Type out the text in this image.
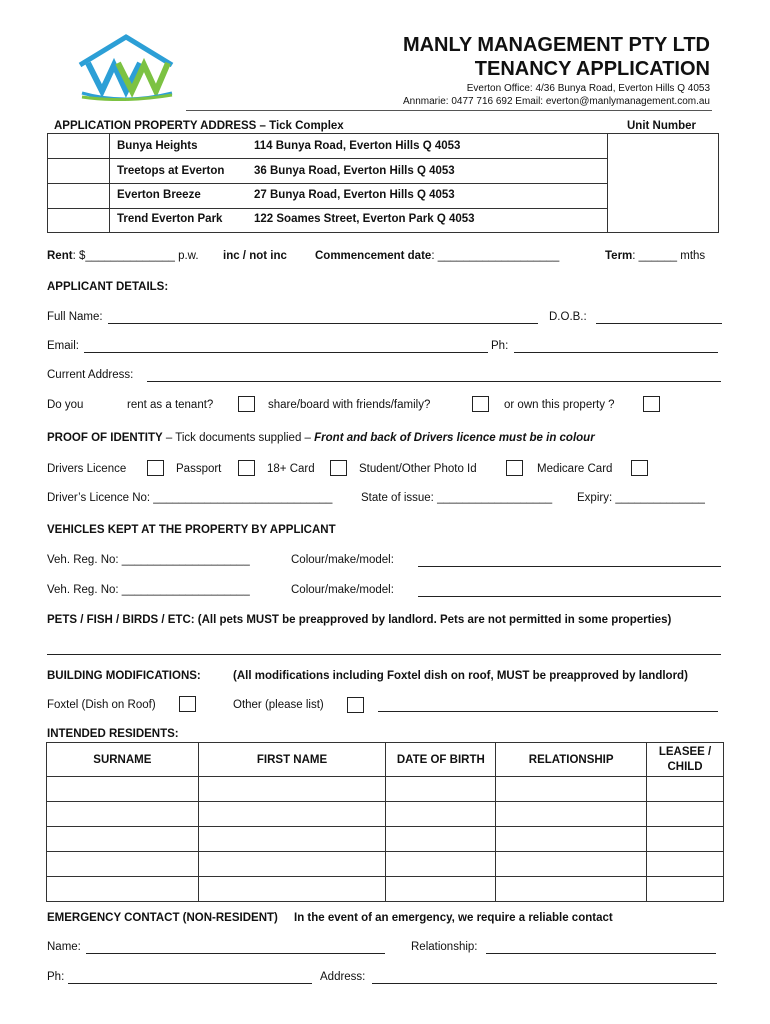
MANLY MANAGEMENT PTY LTD
TENANCY APPLICATION
Everton Office: 4/36 Bunya Road, Everton Hills Q 4053
Annmarie: 0477 716 692 Email: everton@manlymanagement.com.au
APPLICATION PROPERTY ADDRESS – Tick Complex	Unit Number
Bunya Heights	114 Bunya Road, Everton Hills Q 4053
Treetops at Everton	36 Bunya Road, Everton Hills Q 4053
Everton Breeze	27 Bunya Road, Everton Hills Q 4053
Trend Everton Park	122 Soames Street, Everton Park Q 4053
Rent: $______________ p.w. inc / not inc Commencement date: ___________________	Term: ______ mths
APPLICANT DETAILS:
Full Name:	D.O.B.:
Email:	Ph:
Current Address:
Do you	rent as a tenant?	share/board with friends/family?	or own this property ?
PROOF OF IDENTITY – Tick documents supplied – Front and back of Drivers licence must be in colour
Drivers Licence	Passport	18+ Card	Student/Other Photo Id	Medicare Card
Driver’s Licence No: ____________________________ State of issue: __________________ Expiry: ______________
VEHICLES KEPT AT THE PROPERTY BY APPLICANT
Veh. Reg. No: ____________________	Colour/make/model:
Veh. Reg. No: ____________________	Colour/make/model:
PETS / FISH / BIRDS / ETC: (All pets MUST be preapproved by landlord. Pets are not permitted in some properties)
BUILDING MODIFICATIONS:	(All modifications including Foxtel dish on roof, MUST be preapproved by landlord)
Foxtel (Dish on Roof)	Other (please list)
INTENDED RESIDENTS:
SURNAME	FIRST NAME	DATE OF BIRTH	RELATIONSHIP	LEASEE / CHILD

EMERGENCY CONTACT (NON-RESIDENT) In the event of an emergency, we require a reliable contact
Name:	Relationship:
Ph:	Address:
